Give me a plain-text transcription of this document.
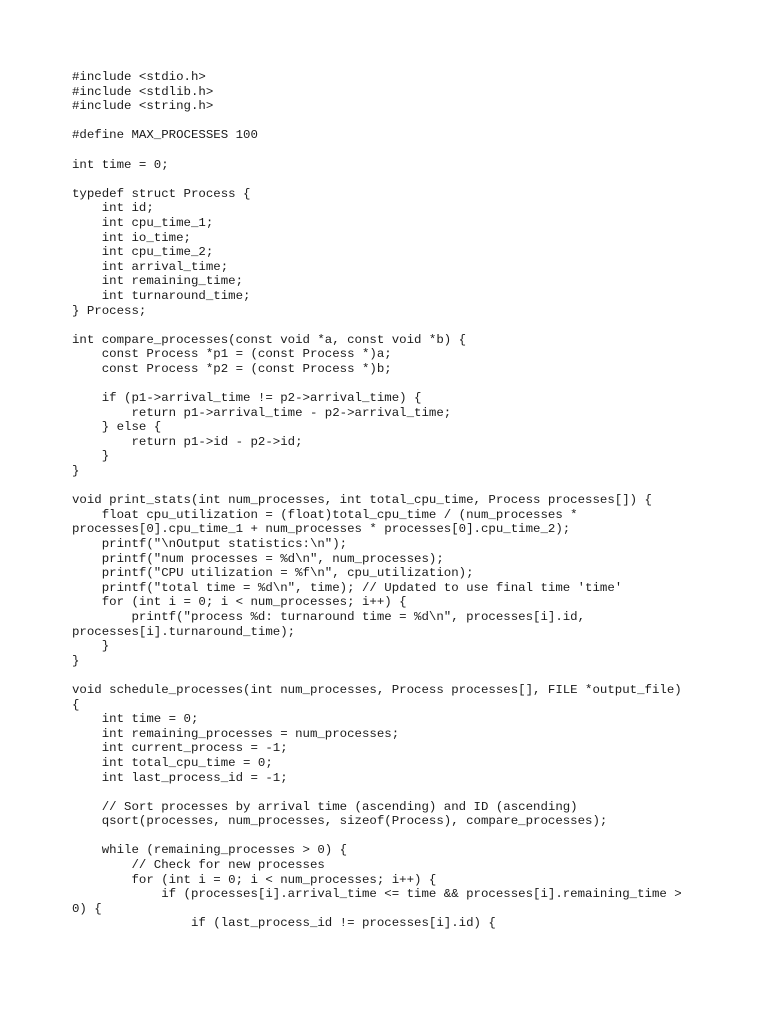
#include <stdio.h>
#include <stdlib.h>
#include <string.h>
#define MAX_PROCESSES 100
int time = 0;
typedef struct Process {
int id;
int cpu_time_1;
int io_time;
int cpu_time_2;
int arrival_time;
int remaining_time;
int turnaround_time;
} Process;
int compare_processes(const void *a, const void *b) {
const Process *p1 = (const Process *)a;
const Process *p2 = (const Process *)b;
if (p1->arrival_time != p2->arrival_time) {
return p1->arrival_time - p2->arrival_time;
} else {
return p1->id - p2->id;
}
}
void print_stats(int num_processes, int total_cpu_time, Process processes[]) {
float cpu_utilization = (float)total_cpu_time / (num_processes *
processes[0].cpu_time_1 + num_processes * processes[0].cpu_time_2);
printf("\nOutput statistics:\n");
printf("num processes = %d\n", num_processes);
printf("CPU utilization = %f\n", cpu_utilization);
printf("total time = %d\n", time); // Updated to use final time 'time'
for (int i = 0; i < num_processes; i++) {
printf("process %d: turnaround time = %d\n", processes[i].id,
processes[i].turnaround_time);
}
}
void schedule_processes(int num_processes, Process processes[], FILE *output_file)
{
int time = 0;
int remaining_processes = num_processes;
int current_process = -1;
int total_cpu_time = 0;
int last_process_id = -1;
// Sort processes by arrival time (ascending) and ID (ascending)
qsort(processes, num_processes, sizeof(Process), compare_processes);
while (remaining_processes > 0) {
// Check for new processes
for (int i = 0; i < num_processes; i++) {
if (processes[i].arrival_time <= time && processes[i].remaining_time >
0) {
if (last_process_id != processes[i].id) {
